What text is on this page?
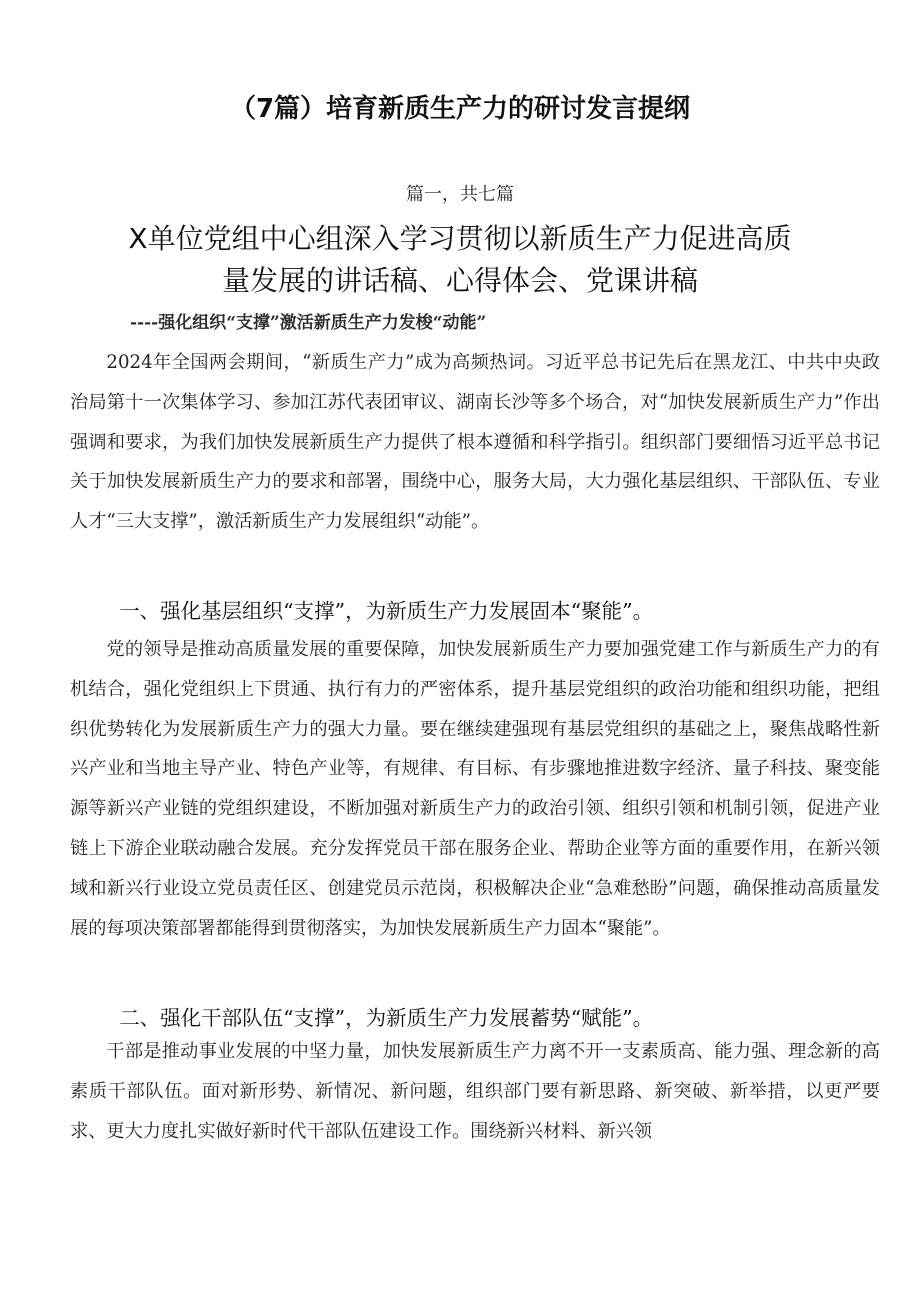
（7篇）培育新质生产力的研讨发言提纲
篇一，共七篇
X单位党组中心组深入学习贯彻以新质生产力促进高质
量发展的讲话稿、心得体会、党课讲稿
----强化组织“支撑”激活新质生产力发梭“动能”

2024年全国两会期间，“新质生产力”成为高频热词。习近平总书记先后在黑龙江、中共中央政治局第十一次集体学习、参加江苏代表团审议、湖南长沙等多个场合，对“加快发展新质生产力”作出强调和要求，为我们加快发展新质生产力提供了根本遵循和科学指引。组织部门要细悟习近平总书记关于加快发展新质生产力的要求和部署，围绕中心，服务大局，大力强化基层组织、干部队伍、专业人才“三大支撑”，激活新质生产力发展组织“动能”。

一、强化基层组织“支撑”，为新质生产力发展固本“聚能”。

党的领导是推动高质量发展的重要保障，加快发展新质生产力要加强党建工作与新质生产力的有机结合，强化党组织上下贯通、执行有力的严密体系，提升基层党组织的政治功能和组织功能，把组织优势转化为发展新质生产力的强大力量。要在继续建强现有基层党组织的基础之上，聚焦战略性新兴产业和当地主导产业、特色产业等，有规律、有目标、有步骤地推进数字经济、量子科技、聚变能源等新兴产业链的党组织建设，不断加强对新质生产力的政治引领、组织引领和机制引领，促进产业链上下游企业联动融合发展。充分发挥党员干部在服务企业、帮助企业等方面的重要作用，在新兴领域和新兴行业设立党员责任区、创建党员示范岗，积极解决企业“急难愁盼”问题，确保推动高质量发展的每项决策部署都能得到贯彻落实，为加快发展新质生产力固本“聚能”。

二、强化干部队伍“支撑”，为新质生产力发展蓄势“赋能”。

干部是推动事业发展的中坚力量，加快发展新质生产力离不开一支素质高、能力强、理念新的高素质干部队伍。面对新形势、新情况、新问题，组织部门要有新思路、新突破、新举措，以更严要求、更大力度扎实做好新时代干部队伍建设工作。围绕新兴材料、新兴领
